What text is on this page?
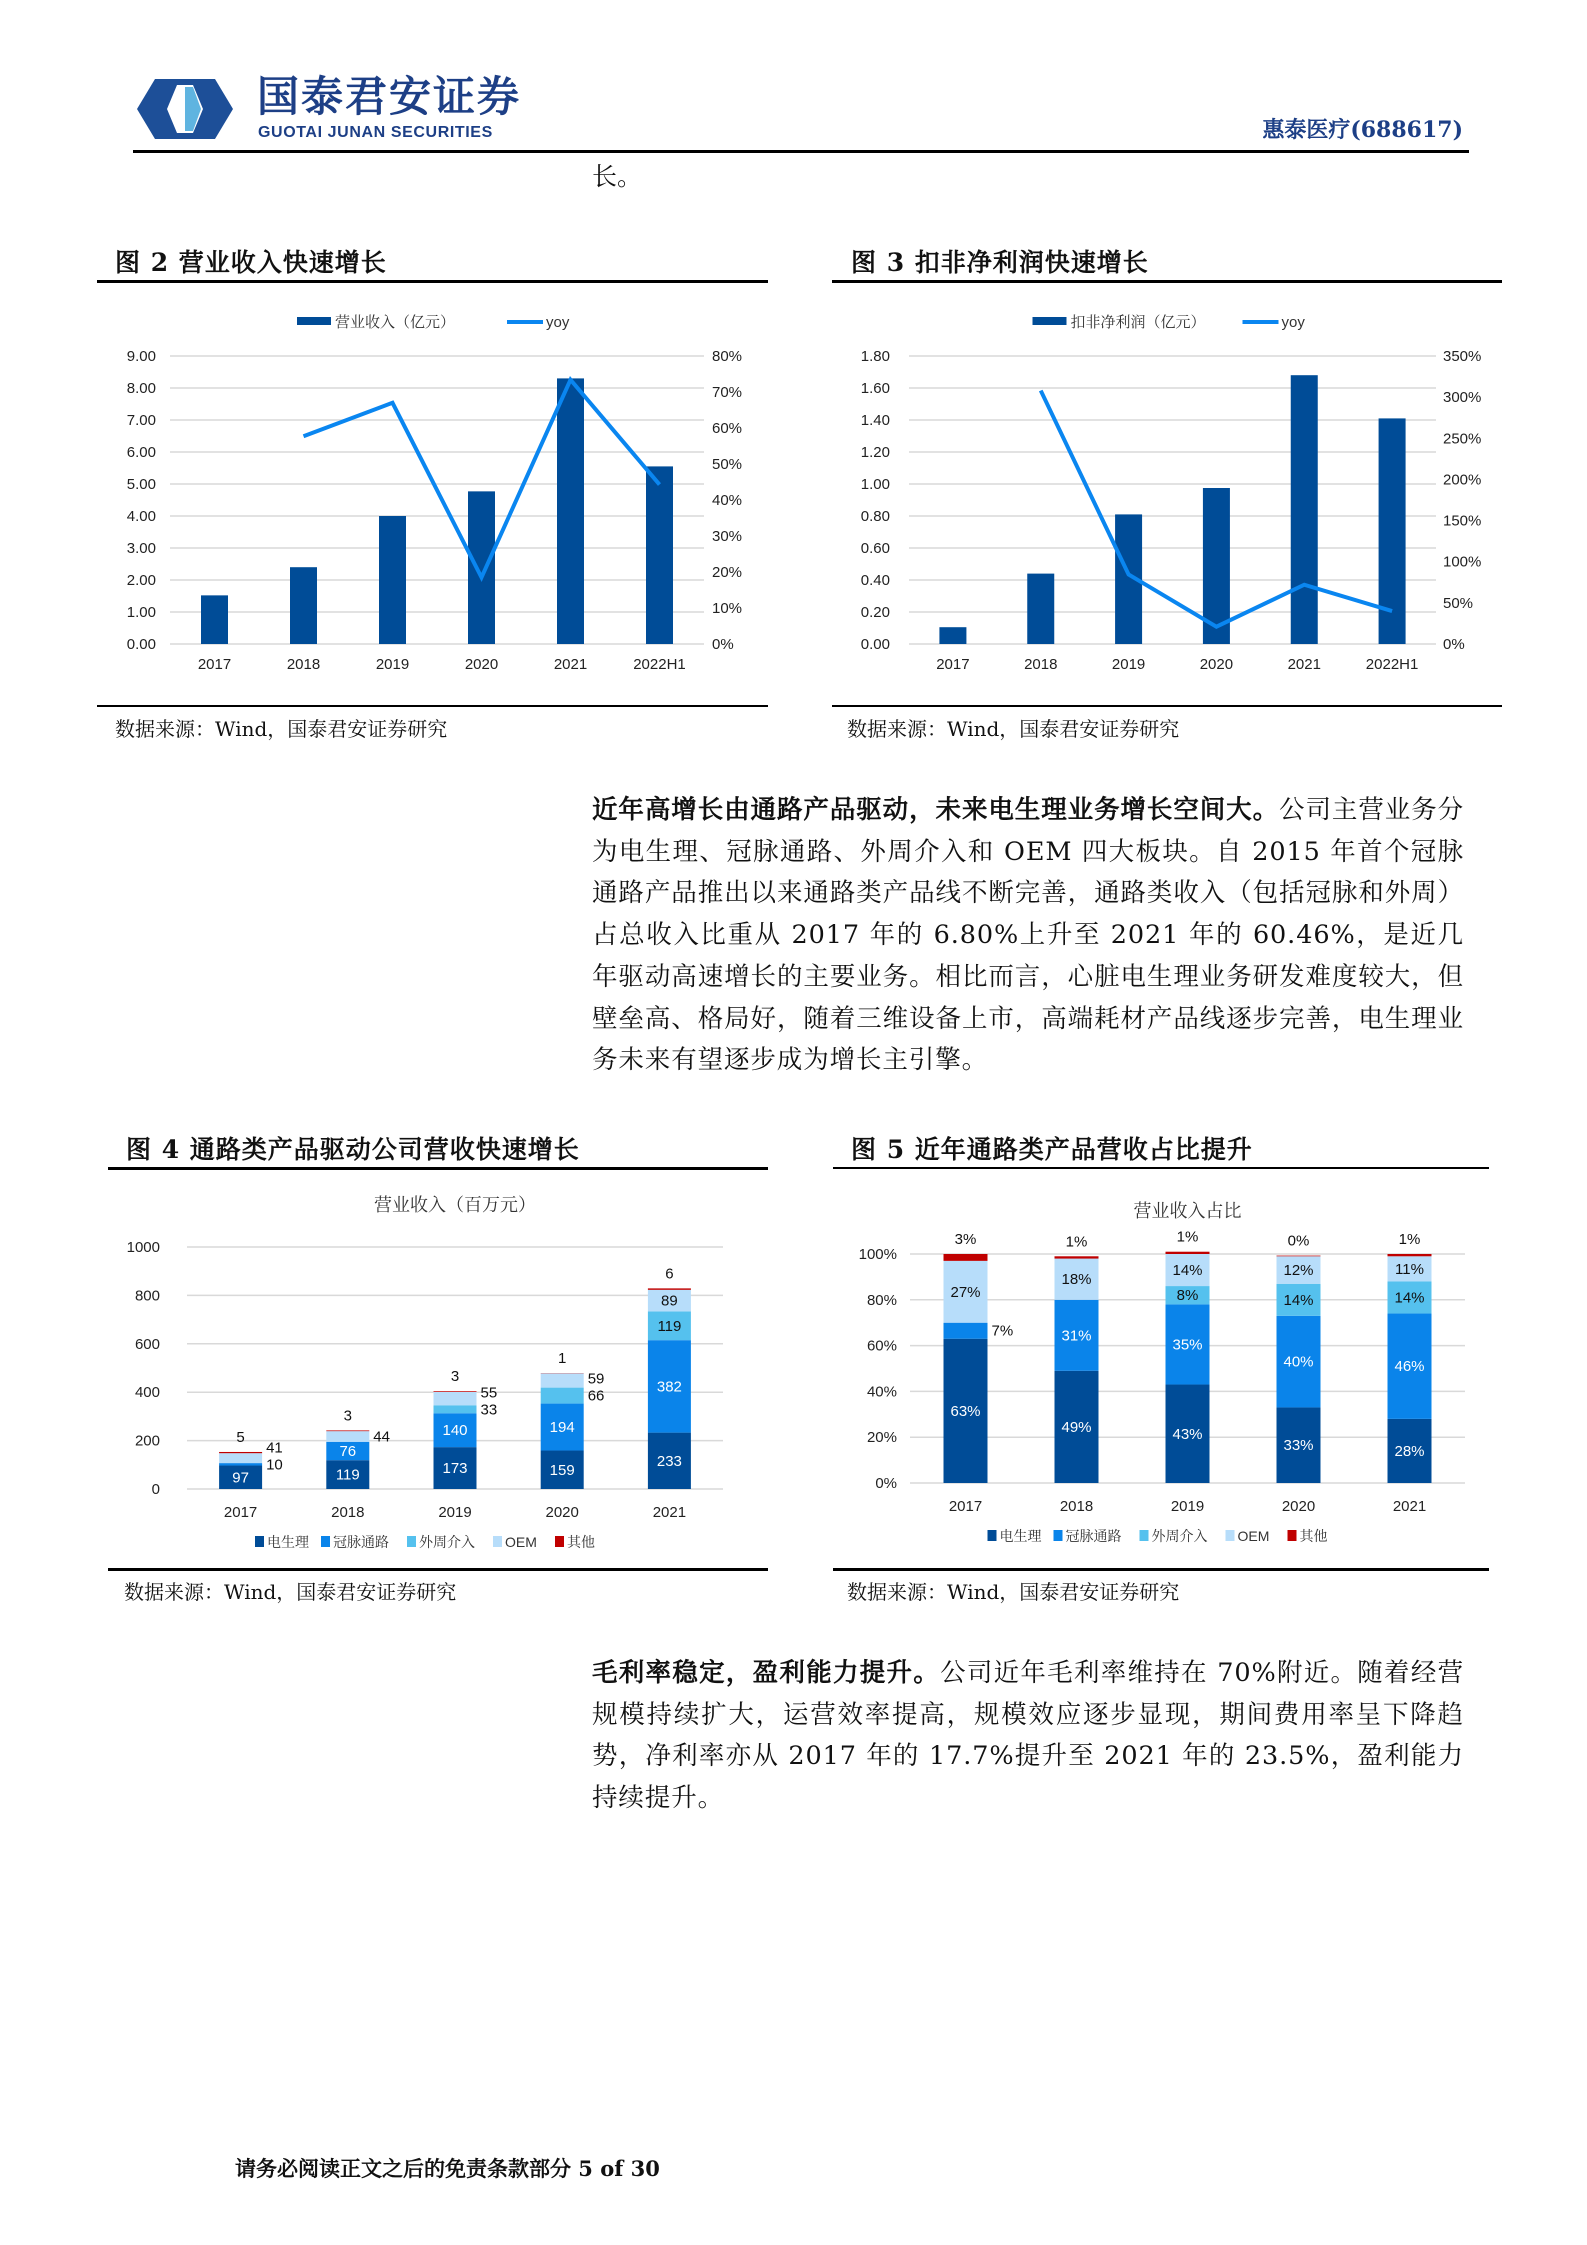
国泰君安证券
GUOTAI JUNAN SECURITIES	惠泰医疗(688617)
长。
图 2 营业收入快速增长
0.00
1.00
2.00
3.00
4.00
5.00
6.00
7.00
8.00
9.00
0%
10%
20%
30%
40%
50%
60%
70%
80%
2017	2018	2019	2020	2021	2022H1
营业收入（亿元）	yoy
数据来源：Wind，国泰君安证券研究
图 3 扣非净利润快速增长
0.00
0.20
0.40
0.60
0.80
1.00
1.20
1.40
1.60
1.80
0%
50%
100%
150%
200%
250%
300%
350%
2017	2018	2019	2020	2021	2022H1
扣非净利润（亿元）	yoy
数据来源：Wind，国泰君安证券研究
近年高增长由通路产品驱动，未来电生理业务增长空间大。公司主营业务分为电生理、冠脉通路、外周介入和 OEM 四大板块。自 2015 年首个冠脉通路产品推出以来通路类产品线不断完善，通路类收入（包括冠脉和外周）占总收入比重从 2017 年的 6.80%上升至 2021 年的 60.46%，是近几年驱动高速增长的主要业务。相比而言，心脏电生理业务研发难度较大，但壁垒高、格局好，随着三维设备上市，高端耗材产品线逐步完善，电生理业务未来有望逐步成为增长主引擎。
图 4 通路类产品驱动公司营收快速增长
营业收入（百万元）
0
200
400
600
800
1000
2017	2018	2019	2020	2021
97
10
41
5
119
76
44
3
173
140
33
55
3
159
194
66
59
1
233
382
119
89
6
电生理 冠脉通路 外周介入 OEM 其他
数据来源：Wind，国泰君安证券研究
图 5 近年通路类产品营收占比提升
营业收入占比
0%
20%
40%
60%
80%
100%
2017	2018	2019	2020	2021
63%
7%
27%
3%
49%
31%
18%
1%
43%
35%
8%
14%
1%
33%
40%
14%
12%
0%
28%
46%
14%
11%
1%
电生理 冠脉通路 外周介入 OEM 其他
数据来源：Wind，国泰君安证券研究
毛利率稳定，盈利能力提升。公司近年毛利率维持在 70%附近。随着经营规模持续扩大，运营效率提高，规模效应逐步显现，期间费用率呈下降趋势，净利率亦从 2017 年的 17.7%提升至 2021 年的 23.5%，盈利能力持续提升。
请务必阅读正文之后的免责条款部分 5 of 30
